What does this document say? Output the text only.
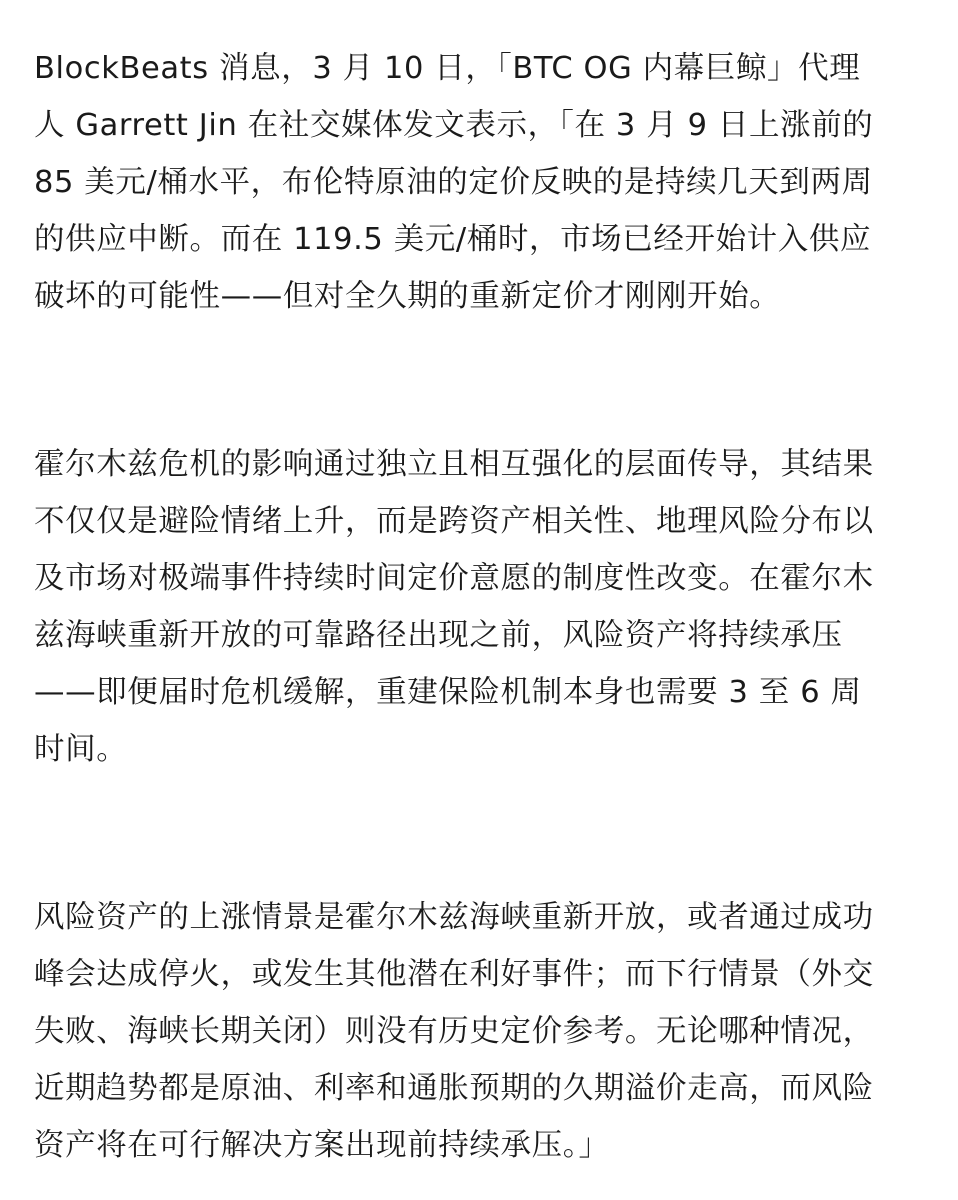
BlockBeats 消息，3 月 10 日，「BTC OG 内幕巨鲸」代理
人 Garrett Jin 在社交媒体发文表示，「在 3 月 9 日上涨前的
85 美元/桶水平，布伦特原油的定价反映的是持续几天到两周
的供应中断。而在 119.5 美元/桶时，市场已经开始计入供应
破坏的可能性——但对全久期的重新定价才刚刚开始。
霍尔木兹危机的影响通过独立且相互强化的层面传导，其结果
不仅仅是避险情绪上升，而是跨资产相关性、地理风险分布以
及市场对极端事件持续时间定价意愿的制度性改变。在霍尔木
兹海峡重新开放的可靠路径出现之前，风险资产将持续承压
——即便届时危机缓解，重建保险机制本身也需要 3 至 6 周
时间。
风险资产的上涨情景是霍尔木兹海峡重新开放，或者通过成功
峰会达成停火，或发生其他潜在利好事件；而下行情景（外交
失败、海峡长期关闭）则没有历史定价参考。无论哪种情况，
近期趋势都是原油、利率和通胀预期的久期溢价走高，而风险
资产将在可行解决方案出现前持续承压。」
